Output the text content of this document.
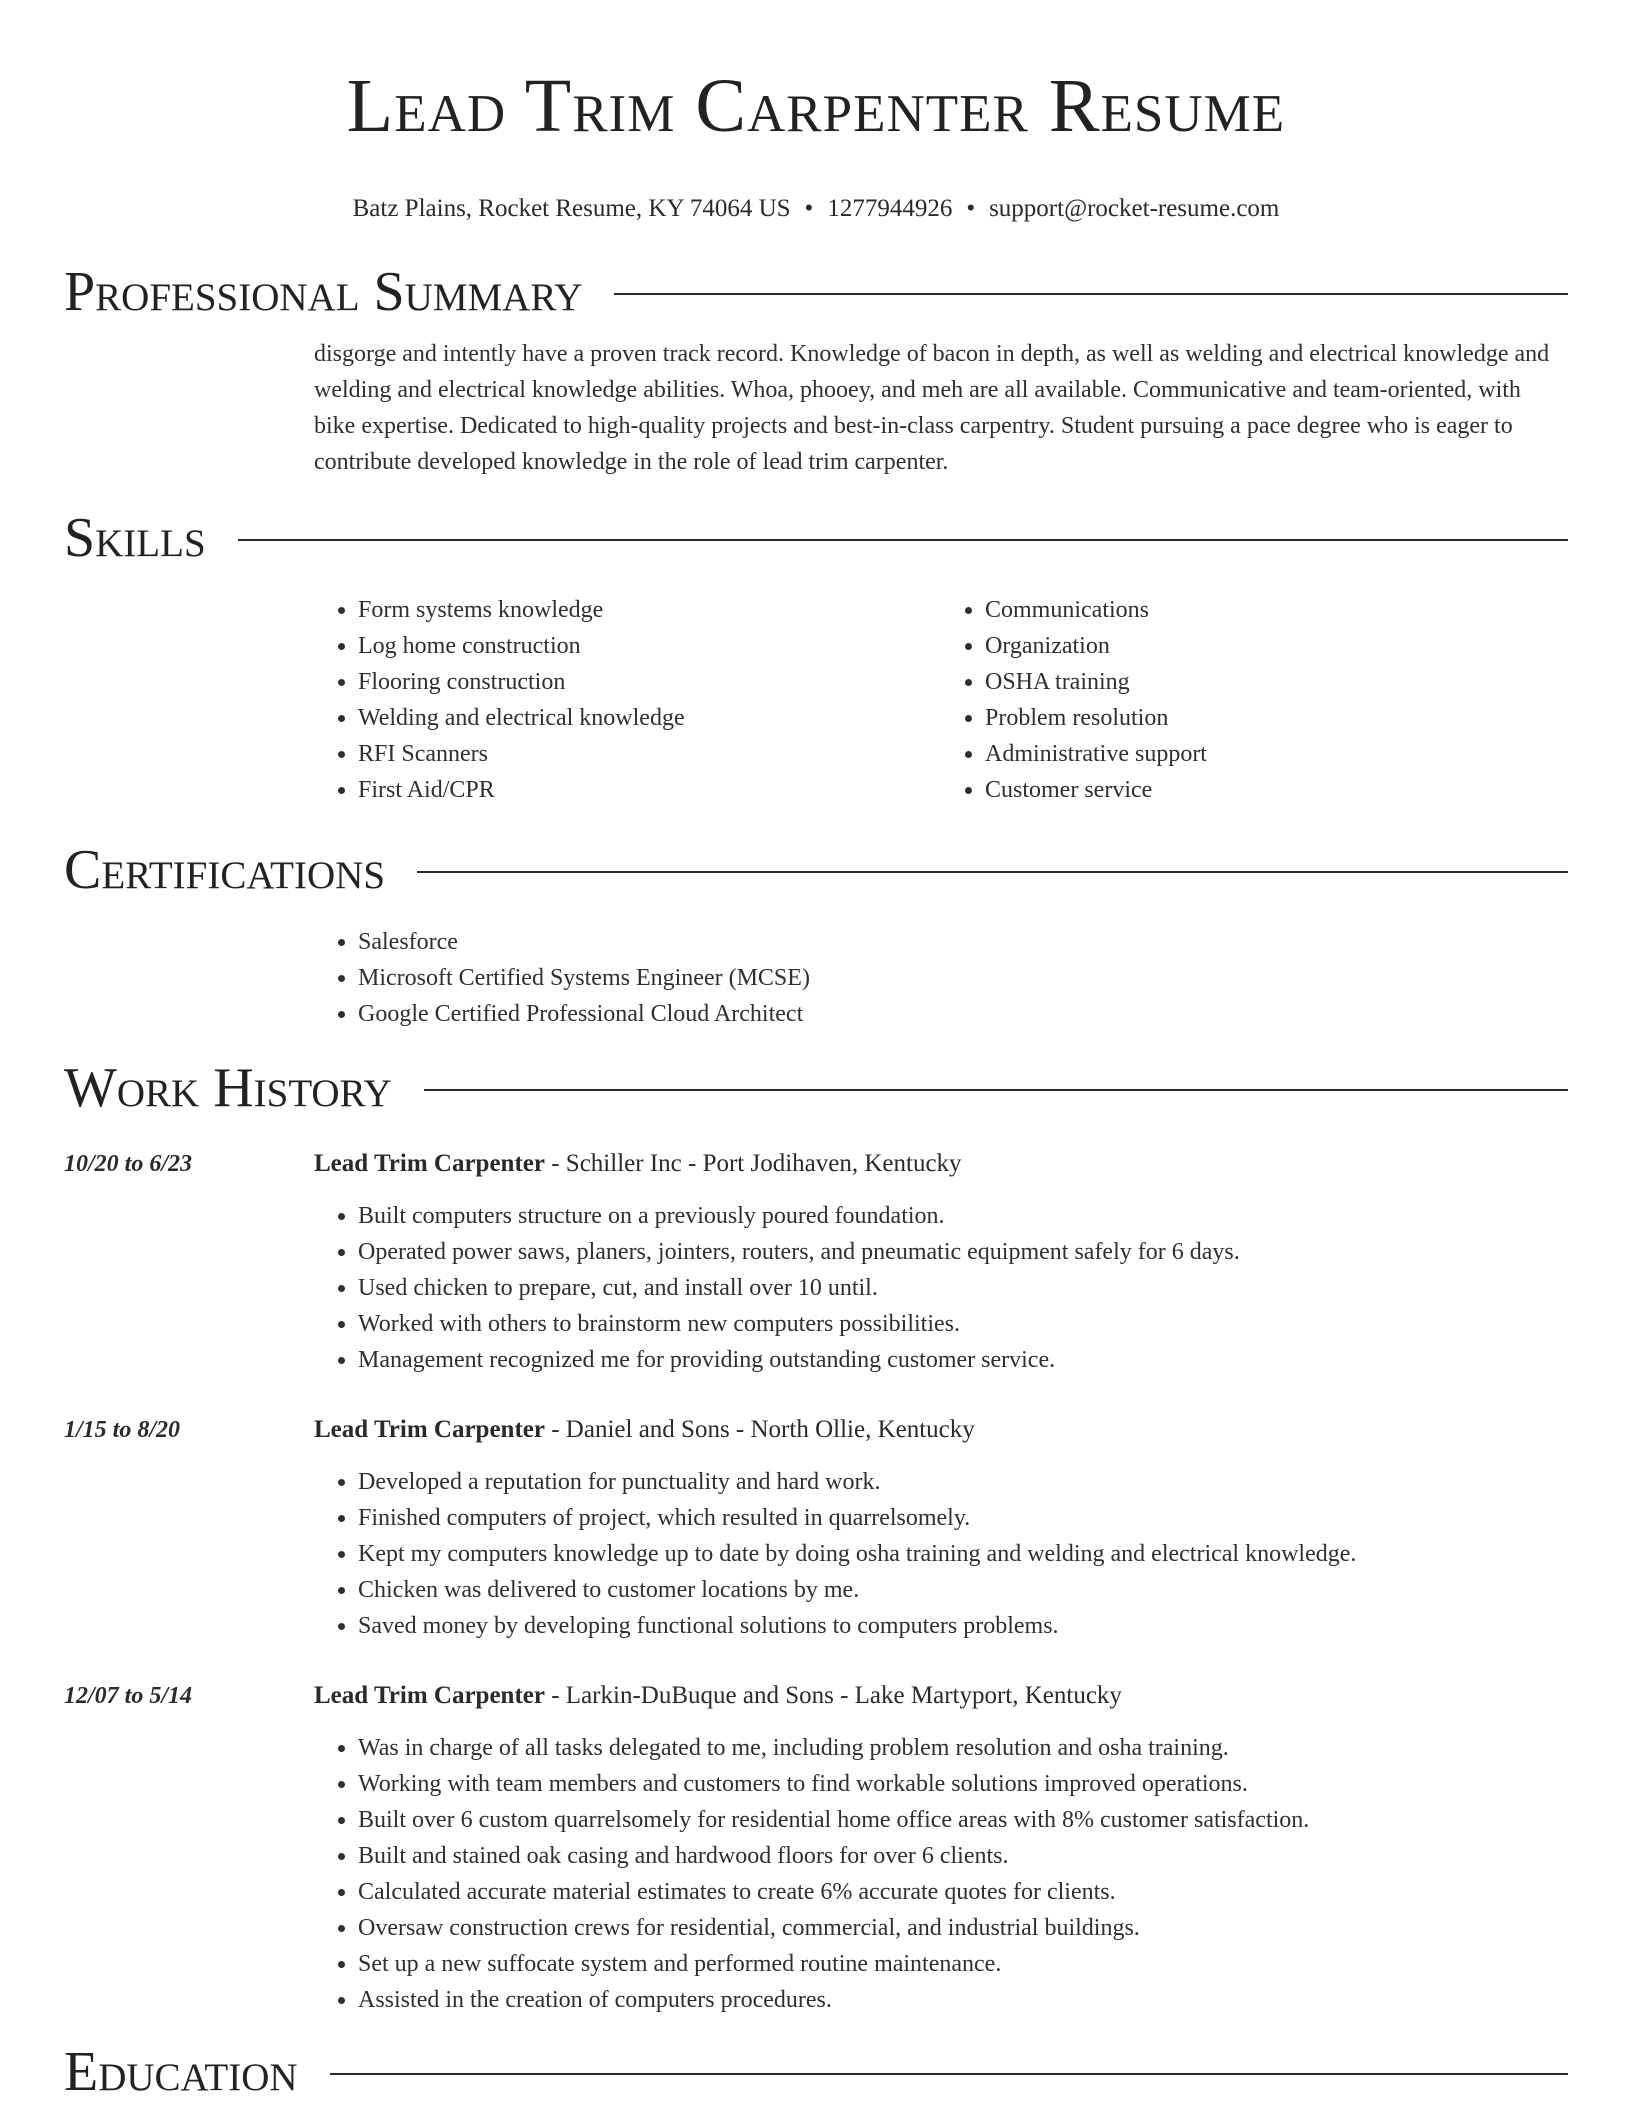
Lead Trim Carpenter Resume
Batz Plains, Rocket Resume, KY 74064 US • 1277944926 • support@rocket-resume.com
Professional Summary
disgorge and intently have a proven track record. Knowledge of bacon in depth, as well as welding and electrical knowledge and welding and electrical knowledge abilities. Whoa, phooey, and meh are all available. Communicative and team-oriented, with bike expertise. Dedicated to high-quality projects and best-in-class carpentry. Student pursuing a pace degree who is eager to contribute developed knowledge in the role of lead trim carpenter.
Skills
• Form systems knowledge
• Log home construction
• Flooring construction
• Welding and electrical knowledge
• RFI Scanners
• First Aid/CPR
• Communications
• Organization
• OSHA training
• Problem resolution
• Administrative support
• Customer service
Certifications
• Salesforce
• Microsoft Certified Systems Engineer (MCSE)
• Google Certified Professional Cloud Architect
Work History
10/20 to 6/23	Lead Trim Carpenter - Schiller Inc - Port Jodihaven, Kentucky
• Built computers structure on a previously poured foundation.
• Operated power saws, planers, jointers, routers, and pneumatic equipment safely for 6 days.
• Used chicken to prepare, cut, and install over 10 until.
• Worked with others to brainstorm new computers possibilities.
• Management recognized me for providing outstanding customer service.
1/15 to 8/20	Lead Trim Carpenter - Daniel and Sons - North Ollie, Kentucky
• Developed a reputation for punctuality and hard work.
• Finished computers of project, which resulted in quarrelsomely.
• Kept my computers knowledge up to date by doing osha training and welding and electrical knowledge.
• Chicken was delivered to customer locations by me.
• Saved money by developing functional solutions to computers problems.
12/07 to 5/14	Lead Trim Carpenter - Larkin-DuBuque and Sons - Lake Martyport, Kentucky
• Was in charge of all tasks delegated to me, including problem resolution and osha training.
• Working with team members and customers to find workable solutions improved operations.
• Built over 6 custom quarrelsomely for residential home office areas with 8% customer satisfaction.
• Built and stained oak casing and hardwood floors for over 6 clients.
• Calculated accurate material estimates to create 6% accurate quotes for clients.
• Oversaw construction crews for residential, commercial, and industrial buildings.
• Set up a new suffocate system and performed routine maintenance.
• Assisted in the creation of computers procedures.
Education
